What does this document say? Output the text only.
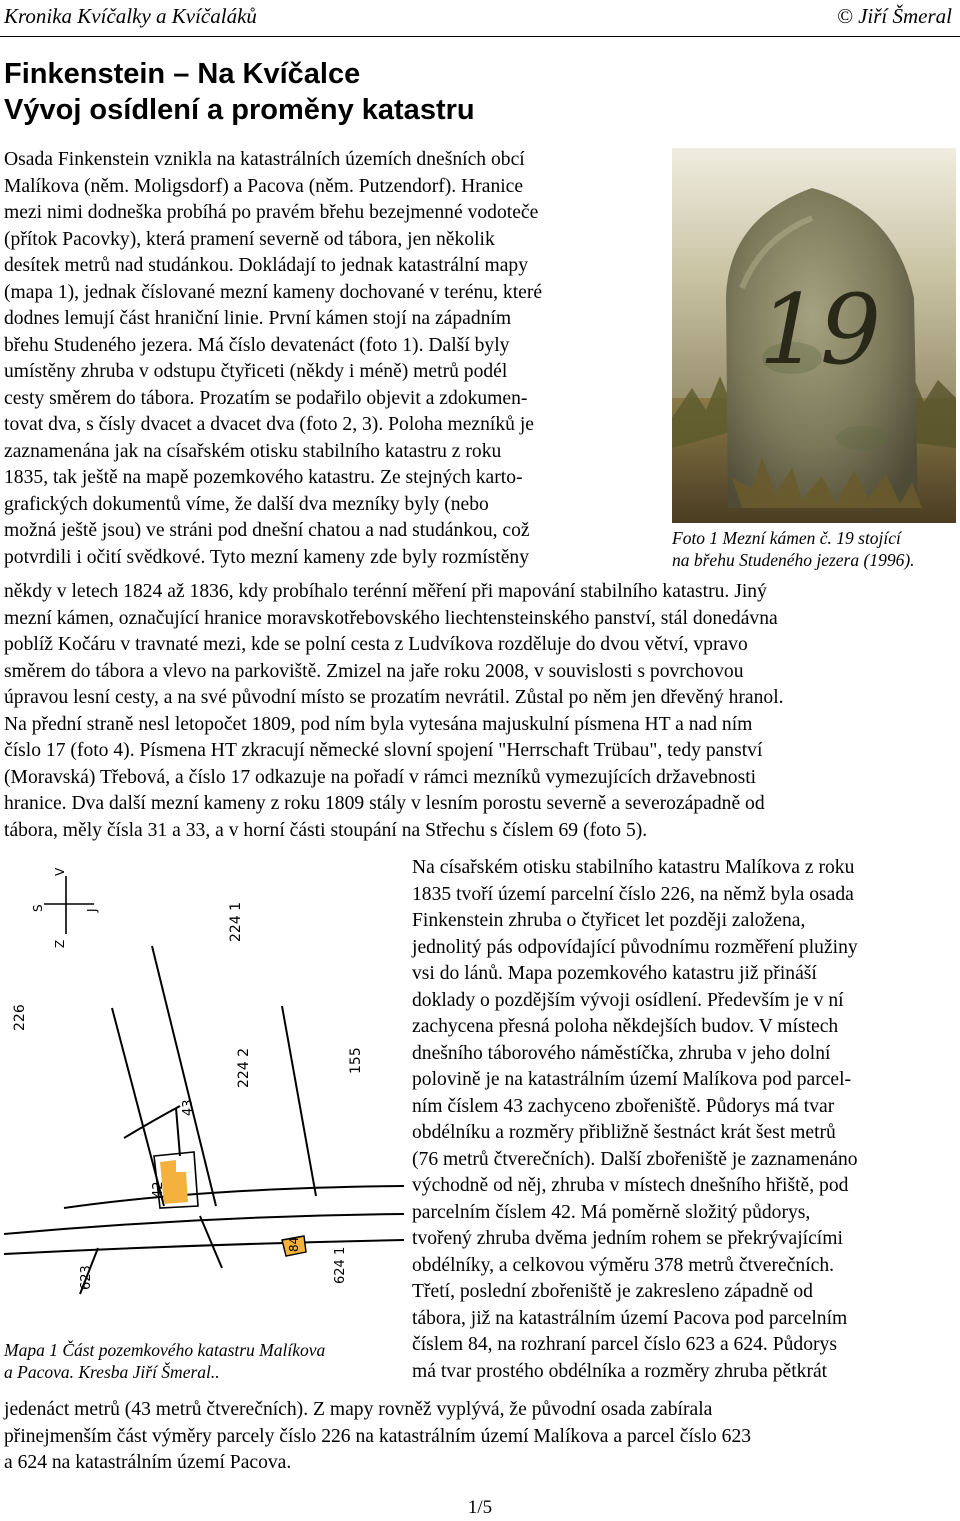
Kronika Kvíčalky a Kvíčaláků	© Jiří Šmeral
Finkenstein – Na Kvíčalce
Vývoj osídlení a proměny katastru
Osada Finkenstein vznikla na katastrálních územích dnešních obcí
Malíkova (něm. Moligsdorf) a Pacova (něm. Putzendorf). Hranice
mezi nimi dodneška probíhá po pravém břehu bezejmenné vodoteče
(přítok Pacovky), která pramení severně od tábora, jen několik
desítek metrů nad studánkou. Dokládají to jednak katastrální mapy
(mapa 1), jednak číslované mezní kameny dochované v terénu, které
dodnes lemují část hraniční linie. První kámen stojí na západním
břehu Studeného jezera. Má číslo devatenáct (foto 1). Další byly
umístěny zhruba v odstupu čtyřiceti (někdy i méně) metrů podél
cesty směrem do tábora. Prozatím se podařilo objevit a zdokumen-
tovat dva, s čísly dvacet a dvacet dva (foto 2, 3). Poloha mezníků je
zaznamenána jak na císařském otisku stabilního katastru z roku
1835, tak ještě na mapě pozemkového katastru. Ze stejných karto-
grafických dokumentů víme, že další dva mezníky byly (nebo
možná ještě jsou) ve stráni pod dnešní chatou a nad studánkou, což
potvrdili i očití svědkové. Tyto mezní kameny zde byly rozmístěny
19
Foto 1 Mezní kámen č. 19 stojící
na břehu Studeného jezera (1996).
někdy v letech 1824 až 1836, kdy probíhalo terénní měření při mapování stabilního katastru. Jiný
mezní kámen, označující hranice moravskotřebovského liechtensteinského panství, stál donedávna
poblíž Kočáru v travnaté mezi, kde se polní cesta z Ludvíkova rozděluje do dvou větví, vpravo
směrem do tábora a vlevo na parkoviště. Zmizel na jaře roku 2008, v souvislosti s povrchovou
úpravou lesní cesty, a na své původní místo se prozatím nevrátil. Zůstal po něm jen dřevěný hranol.
Na přední straně nesl letopočet 1809, pod ním byla vytesána majuskulní písmena HT a nad ním
číslo 17 (foto 4). Písmena HT zkracují německé slovní spojení "Herrschaft Trübau", tedy panství
(Moravská) Třebová, a číslo 17 odkazuje na pořadí v rámci mezníků vymezujících državebnosti
hranice. Dva další mezní kameny z roku 1809 stály v lesním porostu severně a severozápadně od
tábora, měly čísla 31 a 33, a v horní části stoupání na Střechu s číslem 69 (foto 5).
S	J
Z
V
226
224 1
224 2	155
43
42
623
84
624 1
Mapa 1 Část pozemkového katastru Malíkova
a Pacova. Kresba Jiří Šmeral..
Na císařském otisku stabilního katastru Malíkova z roku
1835 tvoří území parcelní číslo 226, na němž byla osada
Finkenstein zhruba o čtyřicet let později založena,
jednolitý pás odpovídající původnímu rozměření plužiny
vsi do lánů. Mapa pozemkového katastru již přináší
doklady o pozdějším vývoji osídlení. Především je v ní
zachycena přesná poloha někdejších budov. V místech
dnešního táborového náměstíčka, zhruba v jeho dolní
polovině je na katastrálním území Malíkova pod parcel-
ním číslem 43 zachyceno zbořeniště. Půdorys má tvar
obdélníku a rozměry přibližně šestnáct krát šest metrů
(76 metrů čtverečních). Další zbořeniště je zaznamenáno
východně od něj, zhruba v místech dnešního hřiště, pod
parcelním číslem 42. Má poměrně složitý půdorys,
tvořený zhruba dvěma jedním rohem se překrývajícími
obdélníky, a celkovou výměru 378 metrů čtverečních.
Třetí, poslední zbořeniště je zakresleno západně od
tábora, již na katastrálním území Pacova pod parcelním
číslem 84, na rozhraní parcel číslo 623 a 624. Půdorys
má tvar prostého obdélníka a rozměry zhruba pětkrát
jedenáct metrů (43 metrů čtverečních). Z mapy rovněž vyplývá, že původní osada zabírala
přinejmenším část výměry parcely číslo 226 na katastrálním území Malíkova a parcel číslo 623
a 624 na katastrálním území Pacova.
1/5
